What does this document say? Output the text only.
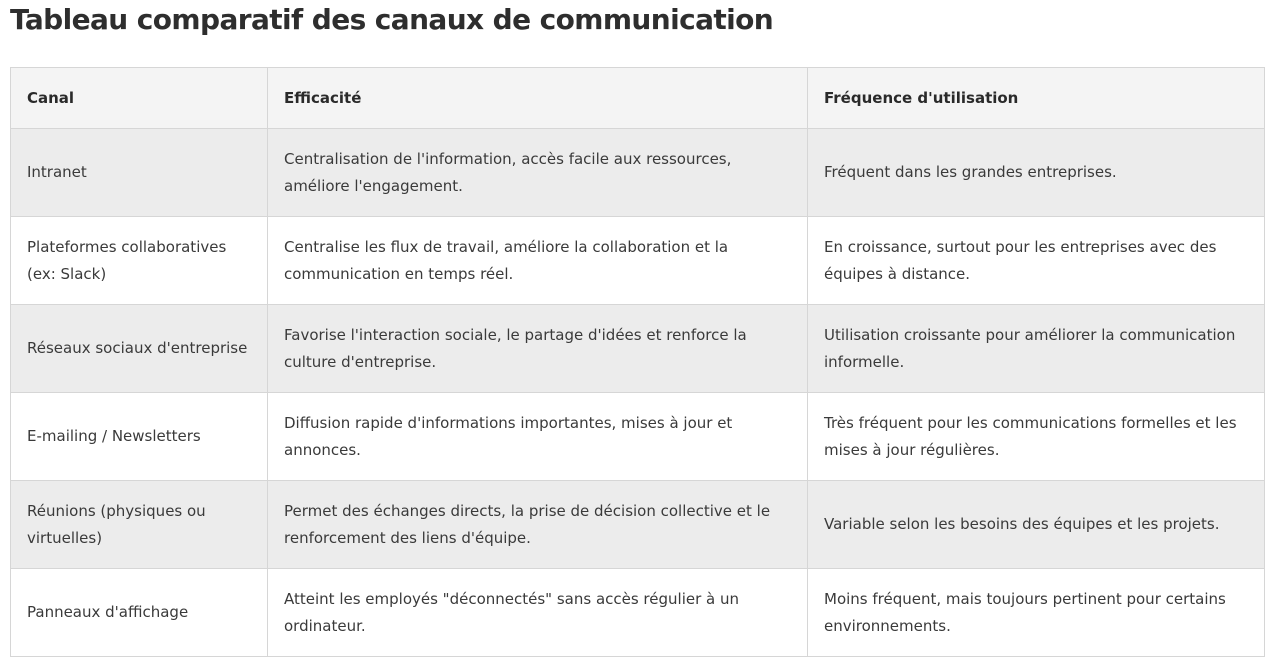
Tableau comparatif des canaux de communication
Canal	Efficacité	Fréquence d'utilisation
Intranet	Centralisation de l'information, accès facile aux ressources, améliore l'engagement.	Fréquent dans les grandes entreprises.
Plateformes collaboratives (ex: Slack)	Centralise les flux de travail, améliore la collaboration et la communication en temps réel.	En croissance, surtout pour les entreprises avec des équipes à distance.
Réseaux sociaux d'entreprise	Favorise l'interaction sociale, le partage d'idées et renforce la culture d'entreprise.	Utilisation croissante pour améliorer la communication informelle.
E-mailing / Newsletters	Diffusion rapide d'informations importantes, mises à jour et annonces.	Très fréquent pour les communications formelles et les mises à jour régulières.
Réunions (physiques ou virtuelles)	Permet des échanges directs, la prise de décision collective et le renforcement des liens d'équipe.	Variable selon les besoins des équipes et les projets.
Panneaux d'affichage	Atteint les employés "déconnectés" sans accès régulier à un ordinateur.	Moins fréquent, mais toujours pertinent pour certains environnements.
